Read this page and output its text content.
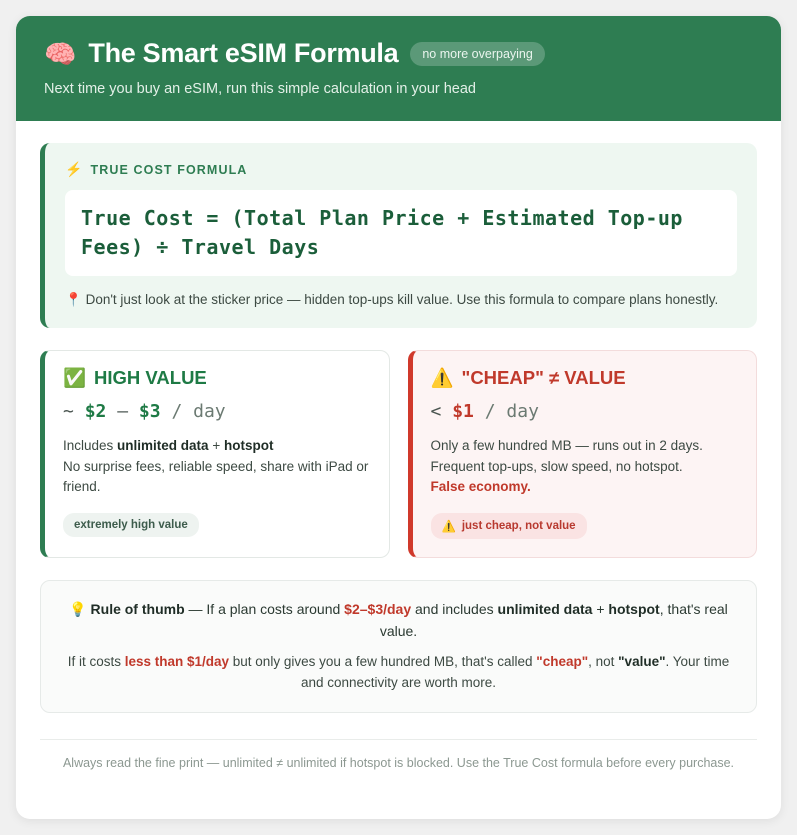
🧠 The Smart eSIM Formula	no more overpaying
Next time you buy an eSIM, run this simple calculation in your head
⚡ TRUE COST FORMULA
True Cost = (Total Plan Price + Estimated Top-up Fees) ÷ Travel Days
📍 Don't just look at the sticker price — hidden top-ups kill value. Use this formula to compare plans honestly.
✅ HIGH VALUE
~ $2 – $3 / day
Includes unlimited data + hotspot
No surprise fees, reliable speed, share with iPad or friend.
extremely high value
⚠️ "CHEAP" ≠ VALUE
< $1 / day
Only a few hundred MB — runs out in 2 days.
Frequent top-ups, slow speed, no hotspot.
False economy.
⚠️ just cheap, not value
💡 Rule of thumb — If a plan costs around $2–$3/day and includes unlimited data + hotspot, that's real value.
If it costs less than $1/day but only gives you a few hundred MB, that's called "cheap", not "value". Your time and connectivity are worth more.
Always read the fine print — unlimited ≠ unlimited if hotspot is blocked. Use the True Cost formula before every purchase.
